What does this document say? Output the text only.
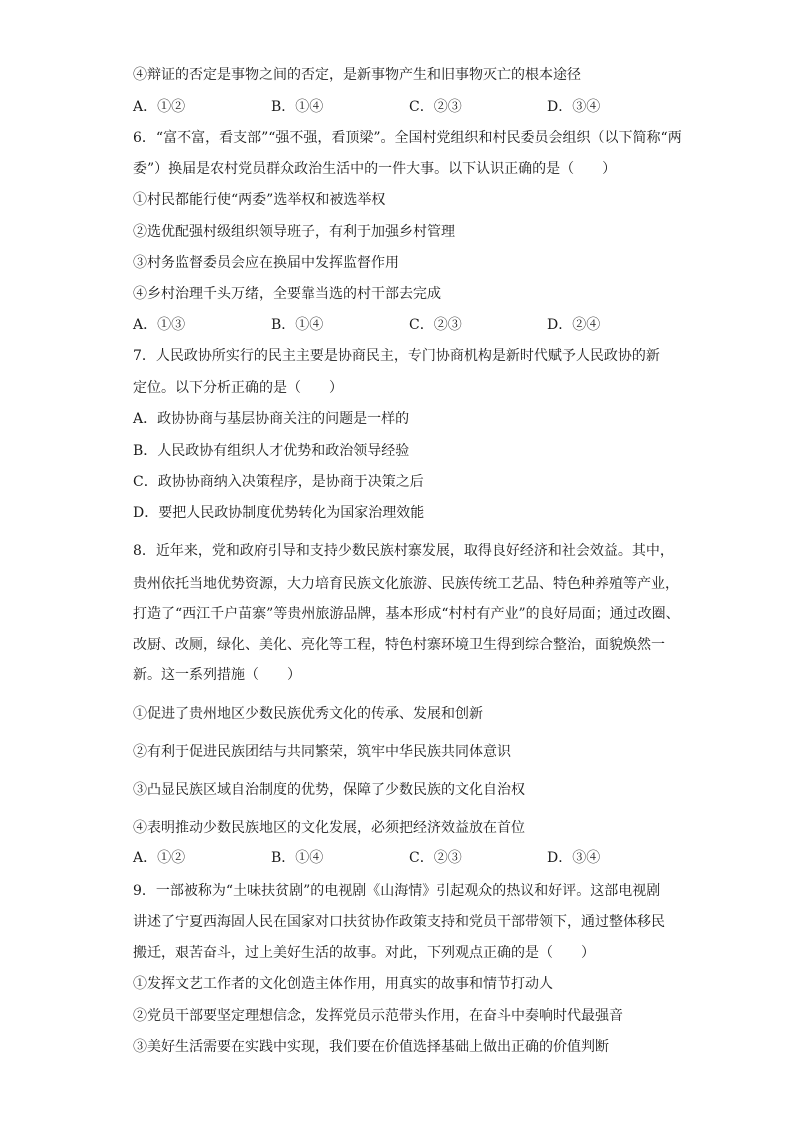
④辩证的否定是事物之间的否定，是新事物产生和旧事物灭亡的根本途径
A．①②	B．①④	C．②③	D．③④
6．“富不富，看支部”“强不强，看顶梁”。全国村党组织和村民委员会组织（以下简称“两
委”）换届是农村党员群众政治生活中的一件大事。以下认识正确的是（　　）
①村民都能行使“两委”选举权和被选举权
②选优配强村级组织领导班子，有利于加强乡村管理
③村务监督委员会应在换届中发挥监督作用
④乡村治理千头万绪，全要靠当选的村干部去完成
A．①③	B．①④	C．②③	D．②④
7．人民政协所实行的民主主要是协商民主，专门协商机构是新时代赋予人民政协的新
定位。以下分析正确的是（　　）
A．政协协商与基层协商关注的问题是一样的
B．人民政协有组织人才优势和政治领导经验
C．政协协商纳入决策程序，是协商于决策之后
D．要把人民政协制度优势转化为国家治理效能
8．近年来，党和政府引导和支持少数民族村寨发展，取得良好经济和社会效益。其中，
贵州依托当地优势资源，大力培育民族文化旅游、民族传统工艺品、特色种养殖等产业，
打造了“西江千户苗寨”等贵州旅游品牌，基本形成“村村有产业”的良好局面；通过改圈、
改厨、改厕，绿化、美化、亮化等工程，特色村寨环境卫生得到综合整治，面貌焕然一
新。这一系列措施（　　）
①促进了贵州地区少数民族优秀文化的传承、发展和创新
②有利于促进民族团结与共同繁荣，筑牢中华民族共同体意识
③凸显民族区域自治制度的优势，保障了少数民族的文化自治权
④表明推动少数民族地区的文化发展，必须把经济效益放在首位
A．①②	B．①④	C．②③	D．③④
9．一部被称为“土味扶贫剧”的电视剧《山海情》引起观众的热议和好评。这部电视剧
讲述了宁夏西海固人民在国家对口扶贫协作政策支持和党员干部带领下，通过整体移民
搬迁，艰苦奋斗，过上美好生活的故事。对此，下列观点正确的是（　　）
①发挥文艺工作者的文化创造主体作用，用真实的故事和情节打动人
②党员干部要坚定理想信念，发挥党员示范带头作用，在奋斗中奏响时代最强音
③美好生活需要在实践中实现，我们要在价值选择基础上做出正确的价值判断
